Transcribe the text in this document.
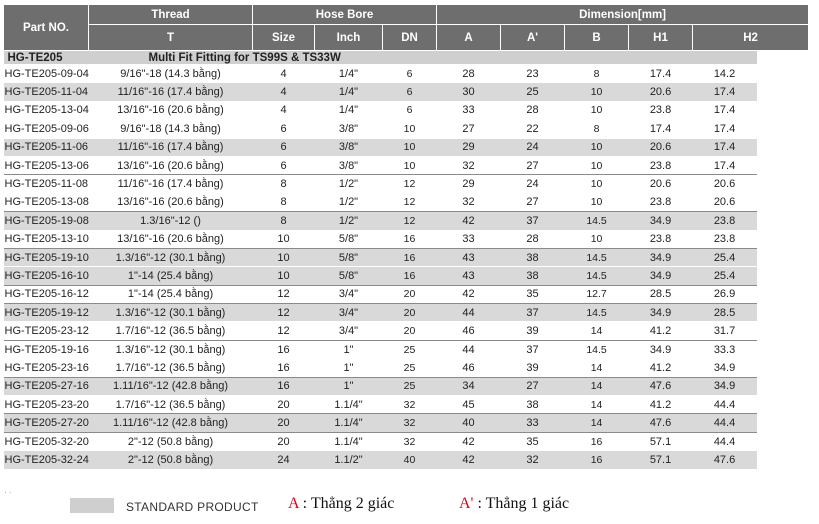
Part NO.	Thread	Hose Bore			Dimension[mm]					
	T	Size	Inch	DN	A	A'	B	H1	H2	
HG-TE205	Multi Fit Fitting for TS99S & TS33W									
HG-TE205-09-04	9/16"-18 (14.3 bằng)	4	1/4"	6	28	23	8	17.4	14.2	
HG-TE205-11-04	11/16"-16 (17.4 bằng)	4	1/4"	6	30	25	10	20.6	17.4	
HG-TE205-13-04	13/16"-16 (20.6 bằng)	4	1/4"	6	33	28	10	23.8	17.4	
HG-TE205-09-06	9/16"-18 (14.3 bằng)	6	3/8"	10	27	22	8	17.4	17.4	
HG-TE205-11-06	11/16"-16 (17.4 bằng)	6	3/8"	10	29	24	10	20.6	17.4	
HG-TE205-13-06	13/16"-16 (20.6 bằng)	6	3/8"	10	32	27	10	23.8	17.4	
HG-TE205-11-08	11/16"-16 (17.4 bằng)	8	1/2"	12	29	24	10	20.6	20.6	
HG-TE205-13-08	13/16"-16 (20.6 bằng)	8	1/2"	12	32	27	10	23.8	20.6	
HG-TE205-19-08	1.3/16"-12 ()	8	1/2"	12	42	37	14.5	34.9	23.8	
HG-TE205-13-10	13/16"-16 (20.6 bằng)	10	5/8"	16	33	28	10	23.8	23.8	
HG-TE205-19-10	1.3/16"-12 (30.1 bằng)	10	5/8"	16	43	38	14.5	34.9	25.4	
HG-TE205-16-10	1"-14 (25.4 bằng)	10	5/8"	16	43	38	14.5	34.9	25.4	
HG-TE205-16-12	1"-14 (25.4 bằng)	12	3/4"	20	42	35	12.7	28.5	26.9	
HG-TE205-19-12	1.3/16"-12 (30.1 bằng)	12	3/4"	20	44	37	14.5	34.9	28.5	
HG-TE205-23-12	1.7/16"-12 (36.5 bằng)	12	3/4"	20	46	39	14	41.2	31.7	
HG-TE205-19-16	1.3/16"-12 (30.1 bằng)	16	1"	25	44	37	14.5	34.9	33.3	
HG-TE205-23-16	1.7/16"-12 (36.5 bằng)	16	1"	25	46	39	14	41.2	34.9	
HG-TE205-27-16	1.11/16"-12 (42.8 bằng)	16	1"	25	34	27	14	47.6	34.9	
HG-TE205-23-20	1.7/16"-12 (36.5 bằng)	20	1.1/4"	32	45	38	14	41.2	44.4	
HG-TE205-27-20	1.11/16"-12 (42.8 bằng)	20	1.1/4"	32	40	33	14	47.6	44.4	
HG-TE205-32-20	2"-12 (50.8 bằng)	20	1.1/4"	32	42	35	16	57.1	44.4	
HG-TE205-32-24	2"-12 (50.8 bằng)	24	1.1/2"	40	42	32	16	57.1	47.6	
· ·
STANDARD PRODUCT A : Thẳng 2 giác	A' : Thẳng 1 giác
